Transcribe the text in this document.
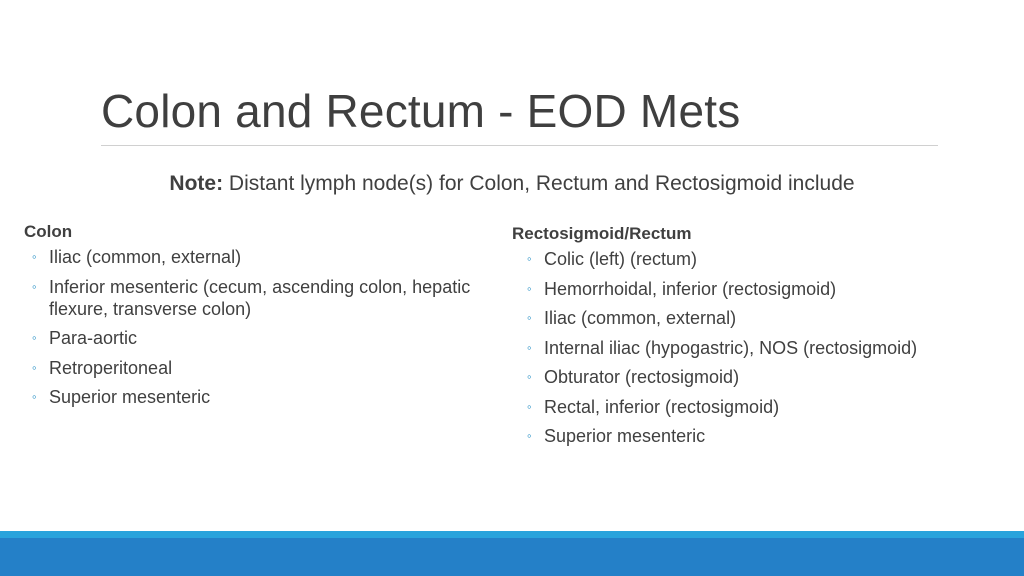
Colon and Rectum - EOD Mets
Note: Distant lymph node(s) for Colon, Rectum and Rectosigmoid include
Colon
◦ Iliac (common, external)
◦ Inferior mesenteric (cecum, ascending colon, hepatic flexure, transverse colon)
◦ Para-aortic
◦ Retroperitoneal
◦ Superior mesenteric
Rectosigmoid/Rectum
◦ Colic (left) (rectum)
◦ Hemorrhoidal, inferior (rectosigmoid)
◦ Iliac (common, external)
◦ Internal iliac (hypogastric), NOS (rectosigmoid)
◦ Obturator (rectosigmoid)
◦ Rectal, inferior (rectosigmoid)
◦ Superior mesenteric
